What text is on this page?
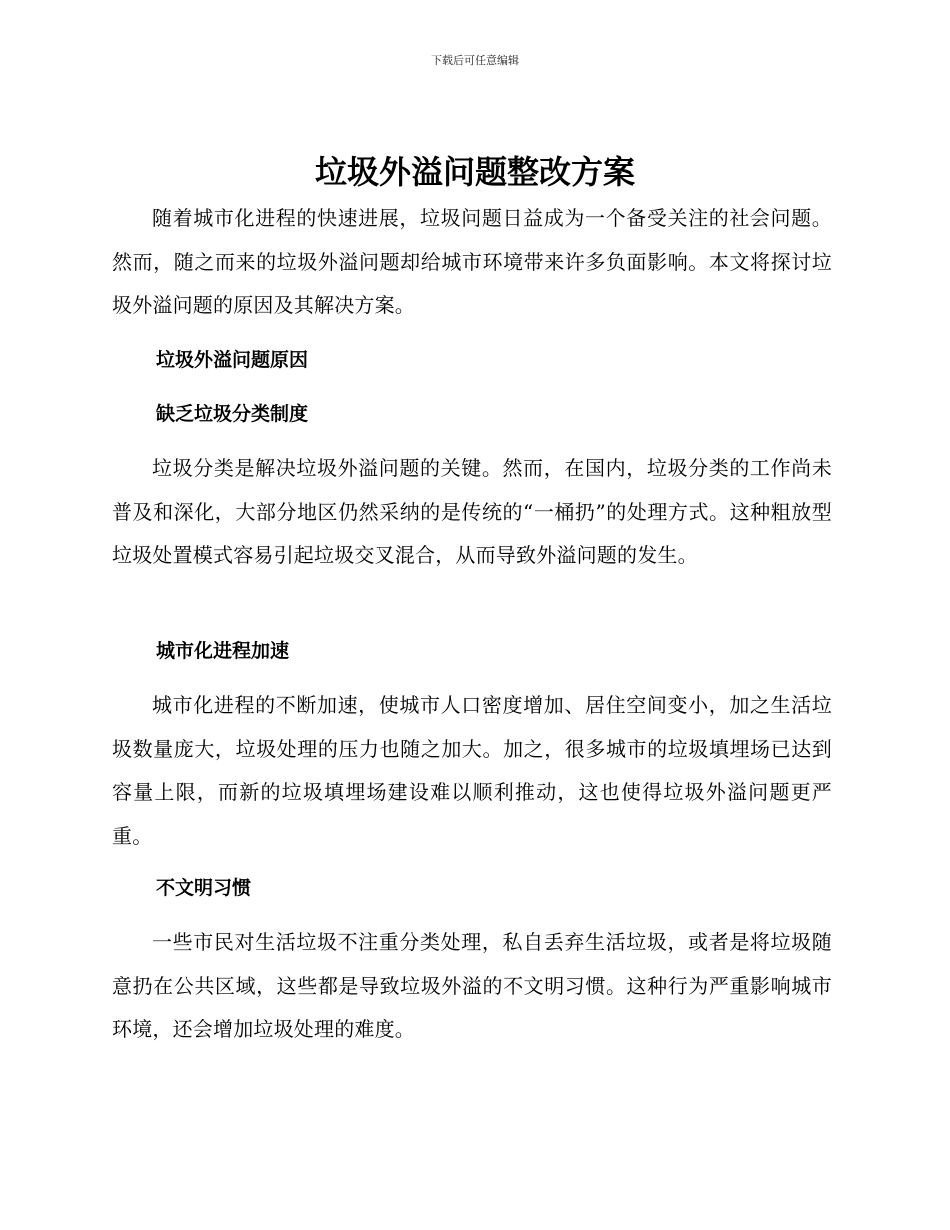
下载后可任意编辑
垃圾外溢问题整改方案

随着城市化进程的快速进展，垃圾问题日益成为一个备受关注的社会问题。然而，随之而来的垃圾外溢问题却给城市环境带来许多负面影响。本文将探讨垃圾外溢问题的原因及其解决方案。

垃圾外溢问题原因
缺乏垃圾分类制度

垃圾分类是解决垃圾外溢问题的关键。然而，在国内，垃圾分类的工作尚未普及和深化，大部分地区仍然采纳的是传统的“一桶扔”的处理方式。这种粗放型垃圾处置模式容易引起垃圾交叉混合，从而导致外溢问题的发生。

城市化进程加速

城市化进程的不断加速，使城市人口密度增加、居住空间变小，加之生活垃圾数量庞大，垃圾处理的压力也随之加大。加之，很多城市的垃圾填埋场已达到容量上限，而新的垃圾填埋场建设难以顺利推动，这也使得垃圾外溢问题更严重。

不文明习惯

一些市民对生活垃圾不注重分类处理，私自丢弃生活垃圾，或者是将垃圾随意扔在公共区域，这些都是导致垃圾外溢的不文明习惯。这种行为严重影响城市环境，还会增加垃圾处理的难度。
